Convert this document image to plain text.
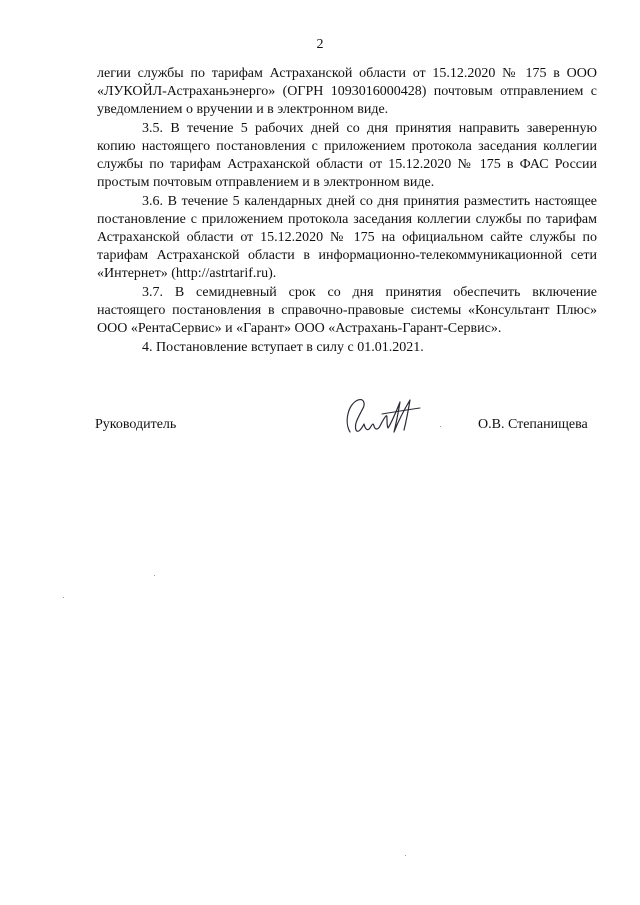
2

легии службы по тарифам Астраханской области от 15.12.2020 № 175 в ООО «ЛУКОЙЛ-Астраханьэнерго» (ОГРН 1093016000428) почтовым отправлением с уведомлением о вручении и в электронном виде.

3.5. В течение 5 рабочих дней со дня принятия направить заверенную копию настоящего постановления с приложением протокола заседания коллегии службы по тарифам Астраханской области от 15.12.2020 № 175 в ФАС России простым почтовым отправлением и в электронном виде.

3.6. В течение 5 календарных дней со дня принятия разместить настоящее постановление с приложением протокола заседания коллегии службы по тарифам Астраханской области от 15.12.2020 № 175 на официальном сайте службы по тарифам Астраханской области в информационно-телекоммуникационной сети «Интернет» (http://astrtarif.ru).

3.7. В семидневный срок со дня принятия обеспечить включение настоящего постановления в справочно-правовые системы «Консультант Плюс» ООО «РентаСервис» и «Гарант» ООО «Астрахань-Гарант-Сервис».

4. Постановление вступает в силу с 01.01.2021.

Руководитель	О.В. Степанищева
